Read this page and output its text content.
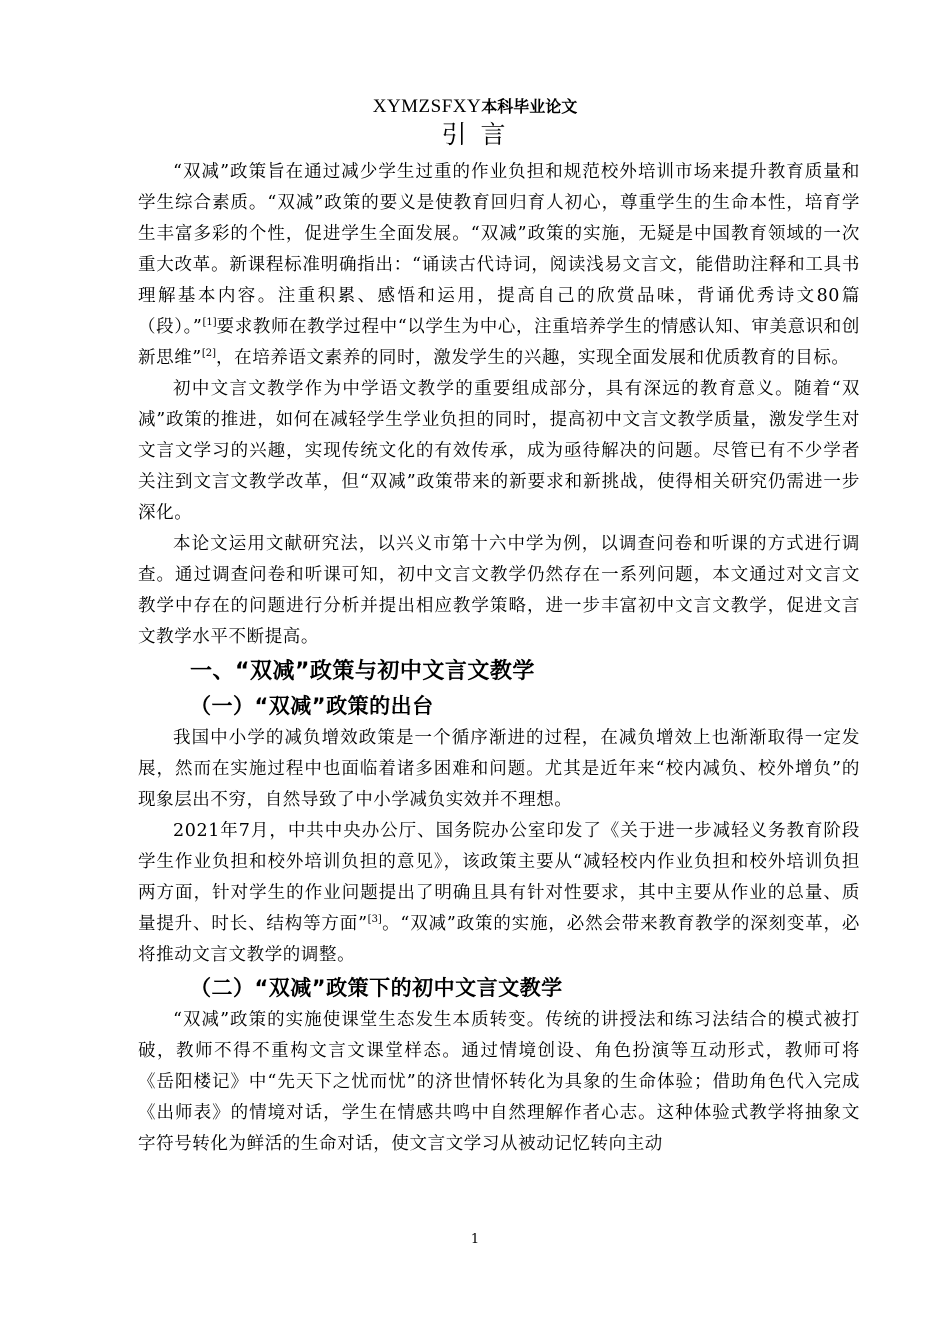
XYMZSFXY本科毕业论文
引 言

“双减”政策旨在通过减少学生过重的作业负担和规范校外培训市场来提升教育质量和学生综合素质。“双减”政策的要义是使教育回归育人初心，尊重学生的生命本性，培育学生丰富多彩的个性，促进学生全面发展。“双减”政策的实施，无疑是中国教育领域的一次重大改革。新课程标准明确指出：“诵读古代诗词，阅读浅易文言文，能借助注释和工具书理解基本内容。注重积累、感悟和运用，提高自己的欣赏品味，背诵优秀诗文80篇（段）。”[1]要求教师在教学过程中“以学生为中心，注重培养学生的情感认知、审美意识和创新思维”[2]，在培养语文素养的同时，激发学生的兴趣，实现全面发展和优质教育的目标。

初中文言文教学作为中学语文教学的重要组成部分，具有深远的教育意义。随着“双减”政策的推进，如何在减轻学生学业负担的同时，提高初中文言文教学质量，激发学生对文言文学习的兴趣，实现传统文化的有效传承，成为亟待解决的问题。尽管已有不少学者关注到文言文教学改革，但“双减”政策带来的新要求和新挑战，使得相关研究仍需进一步深化。

本论文运用文献研究法，以兴义市第十六中学为例，以调查问卷和听课的方式进行调查。通过调查问卷和听课可知，初中文言文教学仍然存在一系列问题，本文通过对文言文教学中存在的问题进行分析并提出相应教学策略，进一步丰富初中文言文教学，促进文言文教学水平不断提高。

一、“双减”政策与初中文言文教学
（一）“双减”政策的出台

我国中小学的减负增效政策是一个循序渐进的过程，在减负增效上也渐渐取得一定发展，然而在实施过程中也面临着诸多困难和问题。尤其是近年来“校内减负、校外增负”的现象层出不穷，自然导致了中小学减负实效并不理想。

2021年7月，中共中央办公厅、国务院办公室印发了《关于进一步减轻义务教育阶段学生作业负担和校外培训负担的意见》，该政策主要从“减轻校内作业负担和校外培训负担两方面，针对学生的作业问题提出了明确且具有针对性要求，其中主要从作业的总量、质量提升、时长、结构等方面”[3]。“双减”政策的实施，必然会带来教育教学的深刻变革，必将推动文言文教学的调整。

（二）“双减”政策下的初中文言文教学

“双减”政策的实施使课堂生态发生本质转变。传统的讲授法和练习法结合的模式被打破，教师不得不重构文言文课堂样态。通过情境创设、角色扮演等互动形式，教师可将《岳阳楼记》中“先天下之忧而忧”的济世情怀转化为具象的生命体验；借助角色代入完成《出师表》的情境对话，学生在情感共鸣中自然理解作者心志。这种体验式教学将抽象文字符号转化为鲜活的生命对话，使文言文学习从被动记忆转向主动

1
